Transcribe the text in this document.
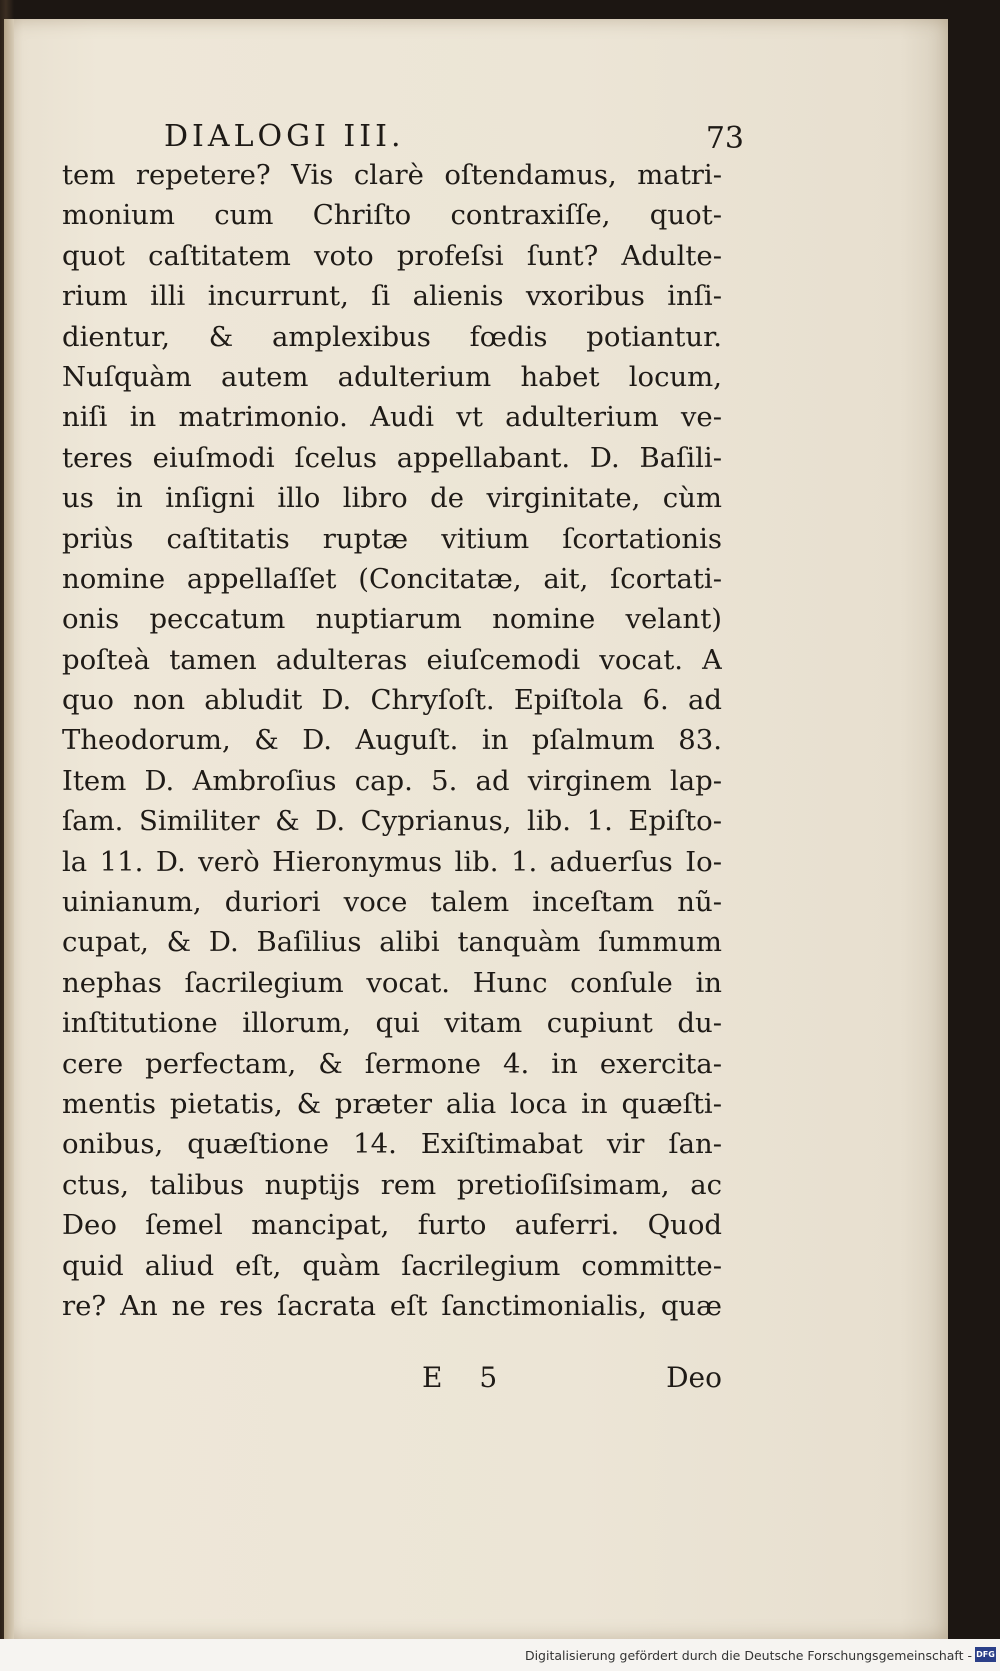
DIALOGI III.	73
tem repetere? Vis clarè oſtendamus, matri-
monium cum Chriſto contraxiſſe, quot-
quot caſtitatem voto profeſsi ſunt? Adulte-
rium illi incurrunt, ſi alienis vxoribus inſi-
dientur, & amplexibus fœdis potiantur.
Nuſquàm autem adulterium habet locum,
niſi in matrimonio. Audi vt adulterium ve-
teres eiuſmodi ſcelus appellabant. D. Baſili-
us in inſigni illo libro de virginitate, cùm
priùs caſtitatis ruptæ vitium ſcortationis
nomine appellaſſet (Concitatæ, ait, ſcortati-
onis peccatum nuptiarum nomine velant)
poſteà tamen adulteras eiuſcemodi vocat. A
quo non abludit D. Chryſoſt. Epiſtola 6. ad
Theodorum, & D. Auguſt. in pſalmum 83.
Item D. Ambroſius cap. 5. ad virginem lap-
ſam. Similiter & D. Cyprianus, lib. 1. Epiſto-
la 11. D. verò Hieronymus lib. 1. aduerſus Io-
uinianum, duriori voce talem inceſtam nũ-
cupat, & D. Baſilius alibi tanquàm ſummum
nephas ſacrilegium vocat. Hunc conſule in
inſtitutione illorum, qui vitam cupiunt du-
cere perfectam, & ſermone 4. in exercita-
mentis pietatis, & præter alia loca in quæſti-
onibus, quæſtione 14. Exiſtimabat vir ſan-
ctus, talibus nuptijs rem pretioſiſsimam, ac
Deo ſemel mancipat, furto auferri. Quod
quid aliud eſt, quàm ſacrilegium committe-
re? An ne res ſacrata eſt ſanctimonialis, quæ
E 5	Deo
Digitalisierung gefördert durch die Deutsche Forschungsgemeinschaft - DFG
